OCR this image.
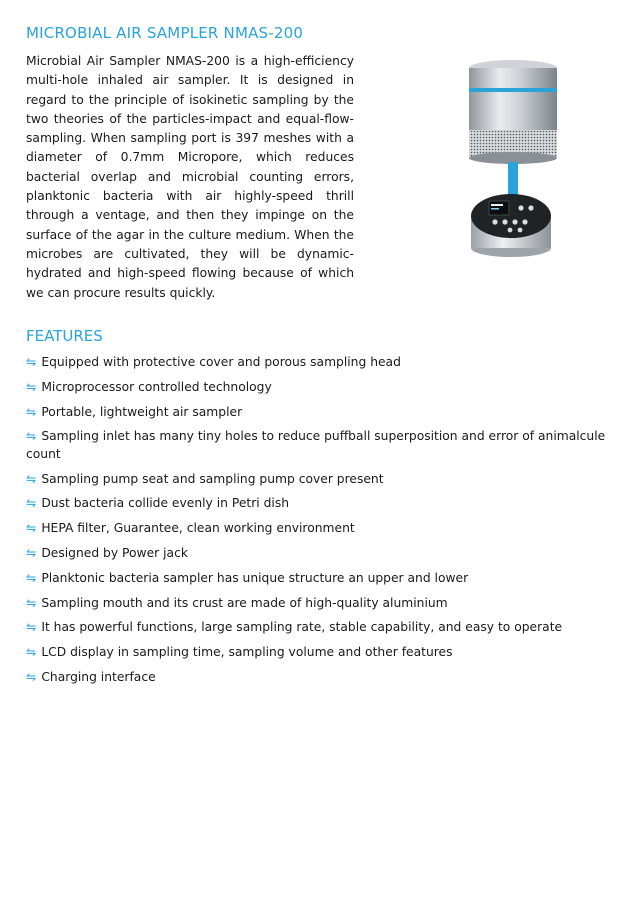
MICROBIAL AIR SAMPLER NMAS-200

Microbial Air Sampler NMAS-200 is a high-efficiency multi-hole inhaled air sampler. It is designed in regard to the principle of isokinetic sampling by the two theories of the particles-impact and equal-flow-sampling. When sampling port is 397 meshes with a diameter of 0.7mm Micropore, which reduces bacterial overlap and microbial counting errors, planktonic bacteria with air highly-speed thrill through a ventage, and then they impinge on the surface of the agar in the culture medium. When the microbes are cultivated, they will be dynamic-hydrated and high-speed flowing because of which we can procure results quickly.

FEATURES
⇋ Equipped with protective cover and porous sampling head
⇋ Microprocessor controlled technology
⇋ Portable, lightweight air sampler
⇋ Sampling inlet has many tiny holes to reduce puffball superposition and error of animalcule count
⇋ Sampling pump seat and sampling pump cover present
⇋ Dust bacteria collide evenly in Petri dish
⇋ HEPA filter, Guarantee, clean working environment
⇋ Designed by Power jack
⇋ Planktonic bacteria sampler has unique structure an upper and lower
⇋ Sampling mouth and its crust are made of high-quality aluminium
⇋ It has powerful functions, large sampling rate, stable capability, and easy to operate
⇋ LCD display in sampling time, sampling volume and other features
⇋ Charging interface
